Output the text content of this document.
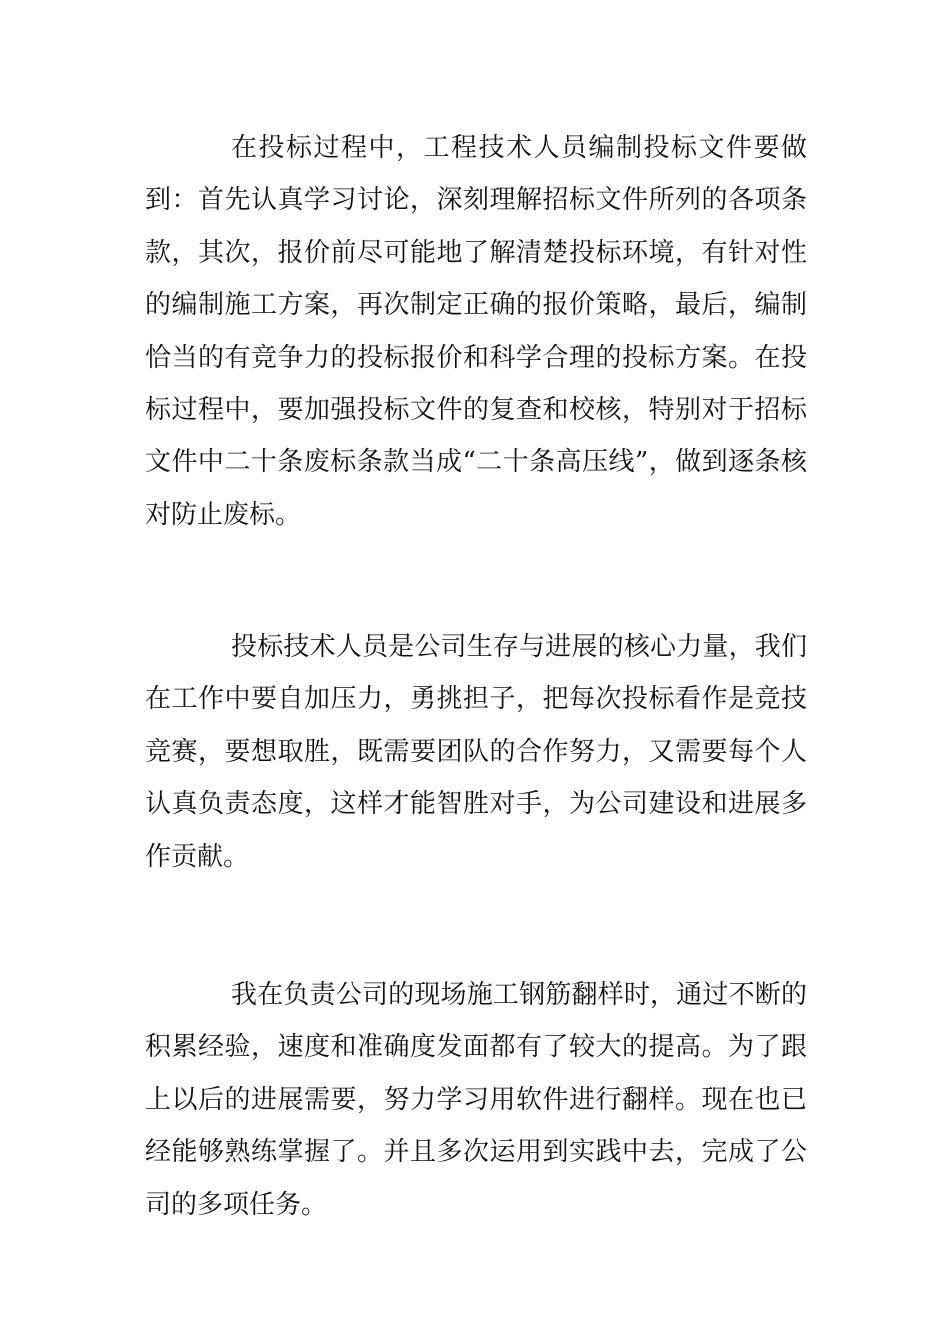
在投标过程中，工程技术人员编制投标文件要做到：首先认真学习讨论，深刻理解招标文件所列的各项条款，其次，报价前尽可能地了解清楚投标环境，有针对性的编制施工方案，再次制定正确的报价策略，最后，编制恰当的有竞争力的投标报价和科学合理的投标方案。在投标过程中，要加强投标文件的复查和校核，特别对于招标文件中二十条废标条款当成“二十条高压线”，做到逐条核对防止废标。

投标技术人员是公司生存与进展的核心力量，我们在工作中要自加压力，勇挑担子，把每次投标看作是竞技竞赛，要想取胜，既需要团队的合作努力，又需要每个人认真负责态度，这样才能智胜对手，为公司建设和进展多作贡献。

我在负责公司的现场施工钢筋翻样时，通过不断的积累经验，速度和准确度发面都有了较大的提高。为了跟上以后的进展需要，努力学习用软件进行翻样。现在也已经能够熟练掌握了。并且多次运用到实践中去，完成了公司的多项任务。
